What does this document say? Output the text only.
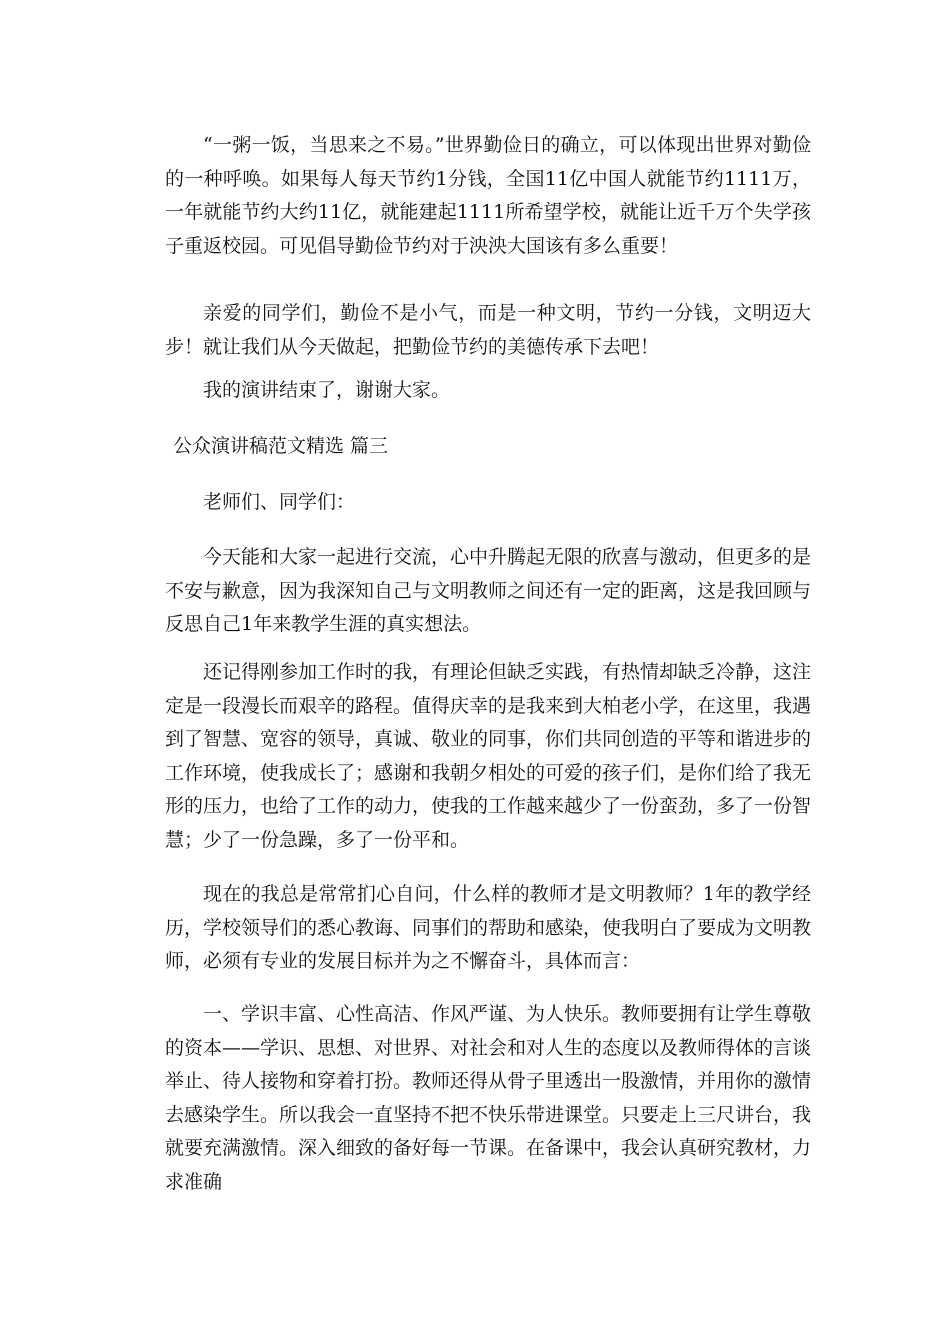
“一粥一饭，当思来之不易。”世界勤俭日的确立，可以体现出世界对勤俭的一种呼唤。如果每人每天节约1分钱，全国11亿中国人就能节约1111万，一年就能节约大约11亿，就能建起1111所希望学校，就能让近千万个失学孩子重返校园。可见倡导勤俭节约对于泱泱大国该有多么重要！

亲爱的同学们，勤俭不是小气，而是一种文明，节约一分钱，文明迈大步！就让我们从今天做起，把勤俭节约的美德传承下去吧！

我的演讲结束了，谢谢大家。

公众演讲稿范文精选 篇三

老师们、同学们：

今天能和大家一起进行交流，心中升腾起无限的欣喜与激动，但更多的是不安与歉意，因为我深知自己与文明教师之间还有一定的距离，这是我回顾与反思自己1年来教学生涯的真实想法。

还记得刚参加工作时的我，有理论但缺乏实践，有热情却缺乏冷静，这注定是一段漫长而艰辛的路程。值得庆幸的是我来到大柏老小学，在这里，我遇到了智慧、宽容的领导，真诚、敬业的同事，你们共同创造的平等和谐进步的工作环境，使我成长了；感谢和我朝夕相处的可爱的孩子们，是你们给了我无形的压力，也给了工作的动力，使我的工作越来越少了一份蛮劲，多了一份智慧；少了一份急躁，多了一份平和。

现在的我总是常常扪心自问，什么样的教师才是文明教师？1年的教学经历，学校领导们的悉心教诲、同事们的帮助和感染，使我明白了要成为文明教师，必须有专业的发展目标并为之不懈奋斗，具体而言：

一、学识丰富、心性高洁、作风严谨、为人快乐。教师要拥有让学生尊敬的资本——学识、思想、对世界、对社会和对人生的态度以及教师得体的言谈举止、待人接物和穿着打扮。教师还得从骨子里透出一股激情，并用你的激情去感染学生。所以我会一直坚持不把不快乐带进课堂。只要走上三尺讲台，我就要充满激情。深入细致的备好每一节课。在备课中，我会认真研究教材，力求准确
